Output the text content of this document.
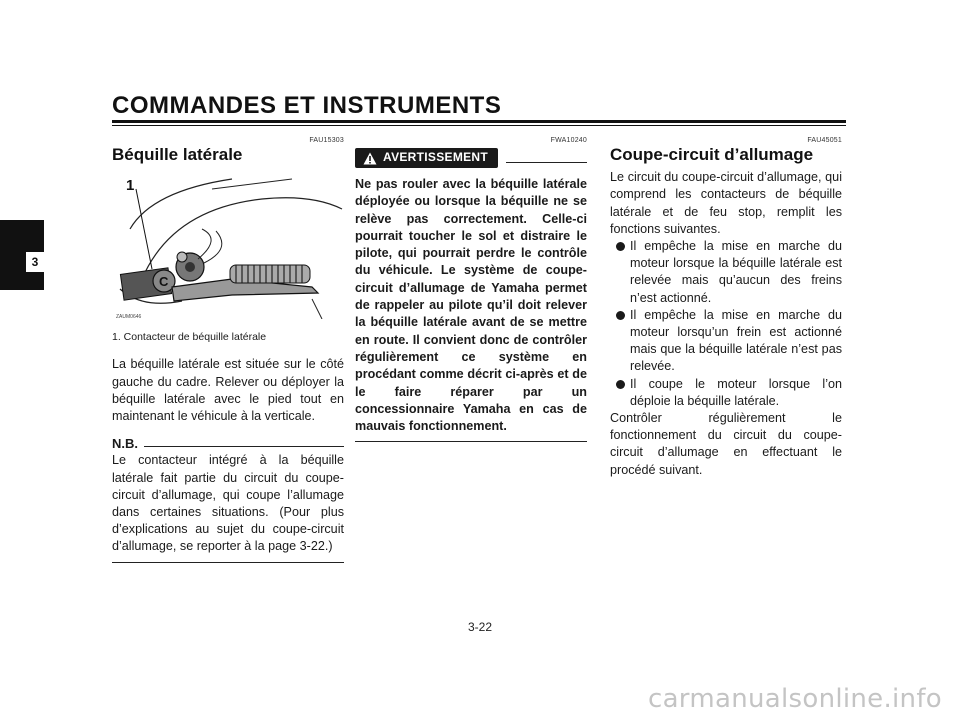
COMMANDES ET INSTRUMENTS
3
FAU15303
Béquille latérale
C
1
ZAUM0646
1. Contacteur de béquille latérale

La béquille latérale est située sur le côté gauche du cadre. Relever ou déployer la béquille latérale avec le pied tout en maintenant le véhicule à la verticale.

N.B.

Le contacteur intégré à la béquille latérale fait partie du circuit du coupe-circuit d’allumage, qui coupe l’allumage dans certaines situations. (Pour plus d’explications au sujet du coupe-circuit d’allumage, se reporter à la page 3-22.)

FWA10240
AVERTISSEMENT

Ne pas rouler avec la béquille latérale déployée ou lorsque la béquille ne se relève pas correctement. Celle-ci pourrait toucher le sol et distraire le pilote, qui pourrait perdre le contrôle du véhicule. Le système de coupe-circuit d’allumage de Yamaha permet de rappeler au pilote qu’il doit relever la béquille latérale avant de se mettre en route. Il convient donc de contrôler régulièrement ce système en procédant comme décrit ci-après et de le faire réparer par un concessionnaire Yamaha en cas de mauvais fonctionnement.

FAU45051
Coupe-circuit d’allumage

Le circuit du coupe-circuit d’allumage, qui comprend les contacteurs de béquille latérale et de feu stop, remplit les fonctions suivantes.

Il empêche la mise en marche du moteur lorsque la béquille latérale est relevée mais qu’aucun des freins n’est actionné.
Il empêche la mise en marche du moteur lorsqu’un frein est actionné mais que la béquille latérale n’est pas relevée.
Il coupe le moteur lorsque l’on déploie la béquille latérale.

Contrôler régulièrement le fonctionnement du circuit du coupe-circuit d’allumage en effectuant le procédé suivant.

3-22
carmanualsonline.info
